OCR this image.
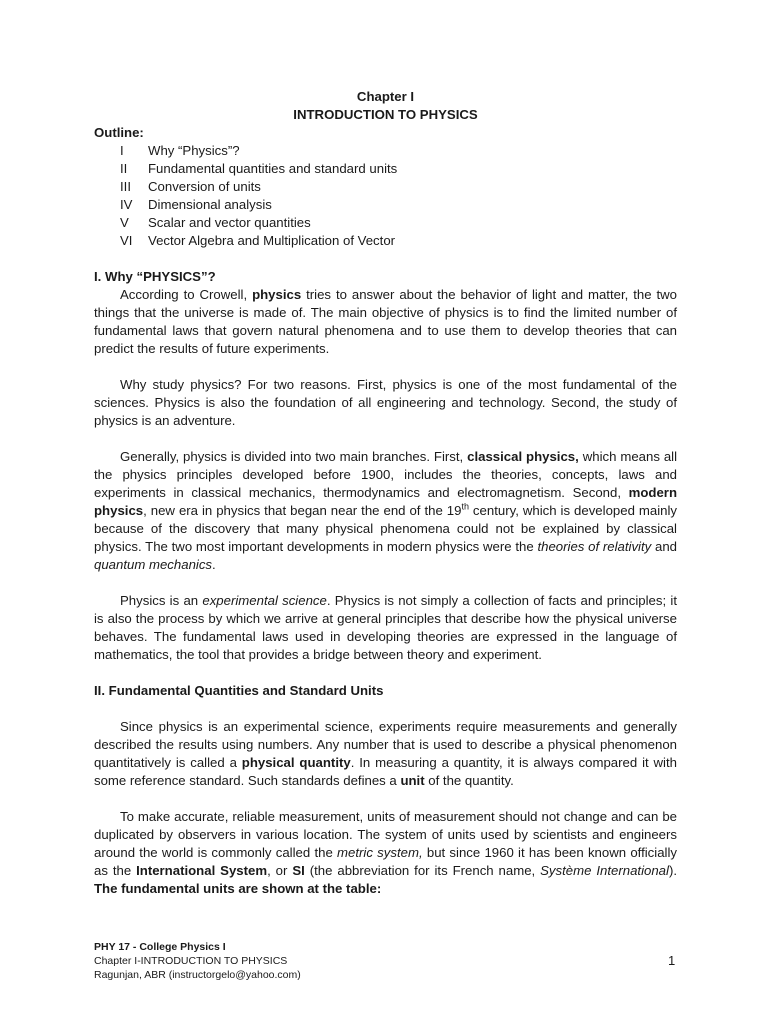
Chapter I
INTRODUCTION TO PHYSICS
Outline:
I	Why “Physics”?
II	Fundamental quantities and standard units
III	Conversion of units
IV	Dimensional analysis
V	Scalar and vector quantities
VI	Vector Algebra and Multiplication of Vector
I. Why “PHYSICS”?

According to Crowell, physics tries to answer about the behavior of light and matter, the two things that the universe is made of. The main objective of physics is to find the limited number of fundamental laws that govern natural phenomena and to use them to develop theories that can predict the results of future experiments.

Why study physics? For two reasons. First, physics is one of the most fundamental of the sciences. Physics is also the foundation of all engineering and technology. Second, the study of physics is an adventure.

Generally, physics is divided into two main branches. First, classical physics, which means all the physics principles developed before 1900, includes the theories, concepts, laws and experiments in classical mechanics, thermodynamics and electromagnetism. Second, modern physics, new era in physics that began near the end of the 19th century, which is developed mainly because of the discovery that many physical phenomena could not be explained by classical physics. The two most important developments in modern physics were the theories of relativity and quantum mechanics.

Physics is an experimental science. Physics is not simply a collection of facts and principles; it is also the process by which we arrive at general principles that describe how the physical universe behaves. The fundamental laws used in developing theories are expressed in the language of mathematics, the tool that provides a bridge between theory and experiment.

II. Fundamental Quantities and Standard Units

Since physics is an experimental science, experiments require measurements and generally described the results using numbers. Any number that is used to describe a physical phenomenon quantitatively is called a physical quantity. In measuring a quantity, it is always compared it with some reference standard. Such standards defines a unit of the quantity.

To make accurate, reliable measurement, units of measurement should not change and can be duplicated by observers in various location. The system of units used by scientists and engineers around the world is commonly called the metric system, but since 1960 it has been known officially as the International System, or SI (the abbreviation for its French name, Système International). The fundamental units are shown at the table:

PHY 17 - College Physics I
Chapter I-INTRODUCTION TO PHYSICS
Ragunjan, ABR (instructorgelo@yahoo.com)
1
